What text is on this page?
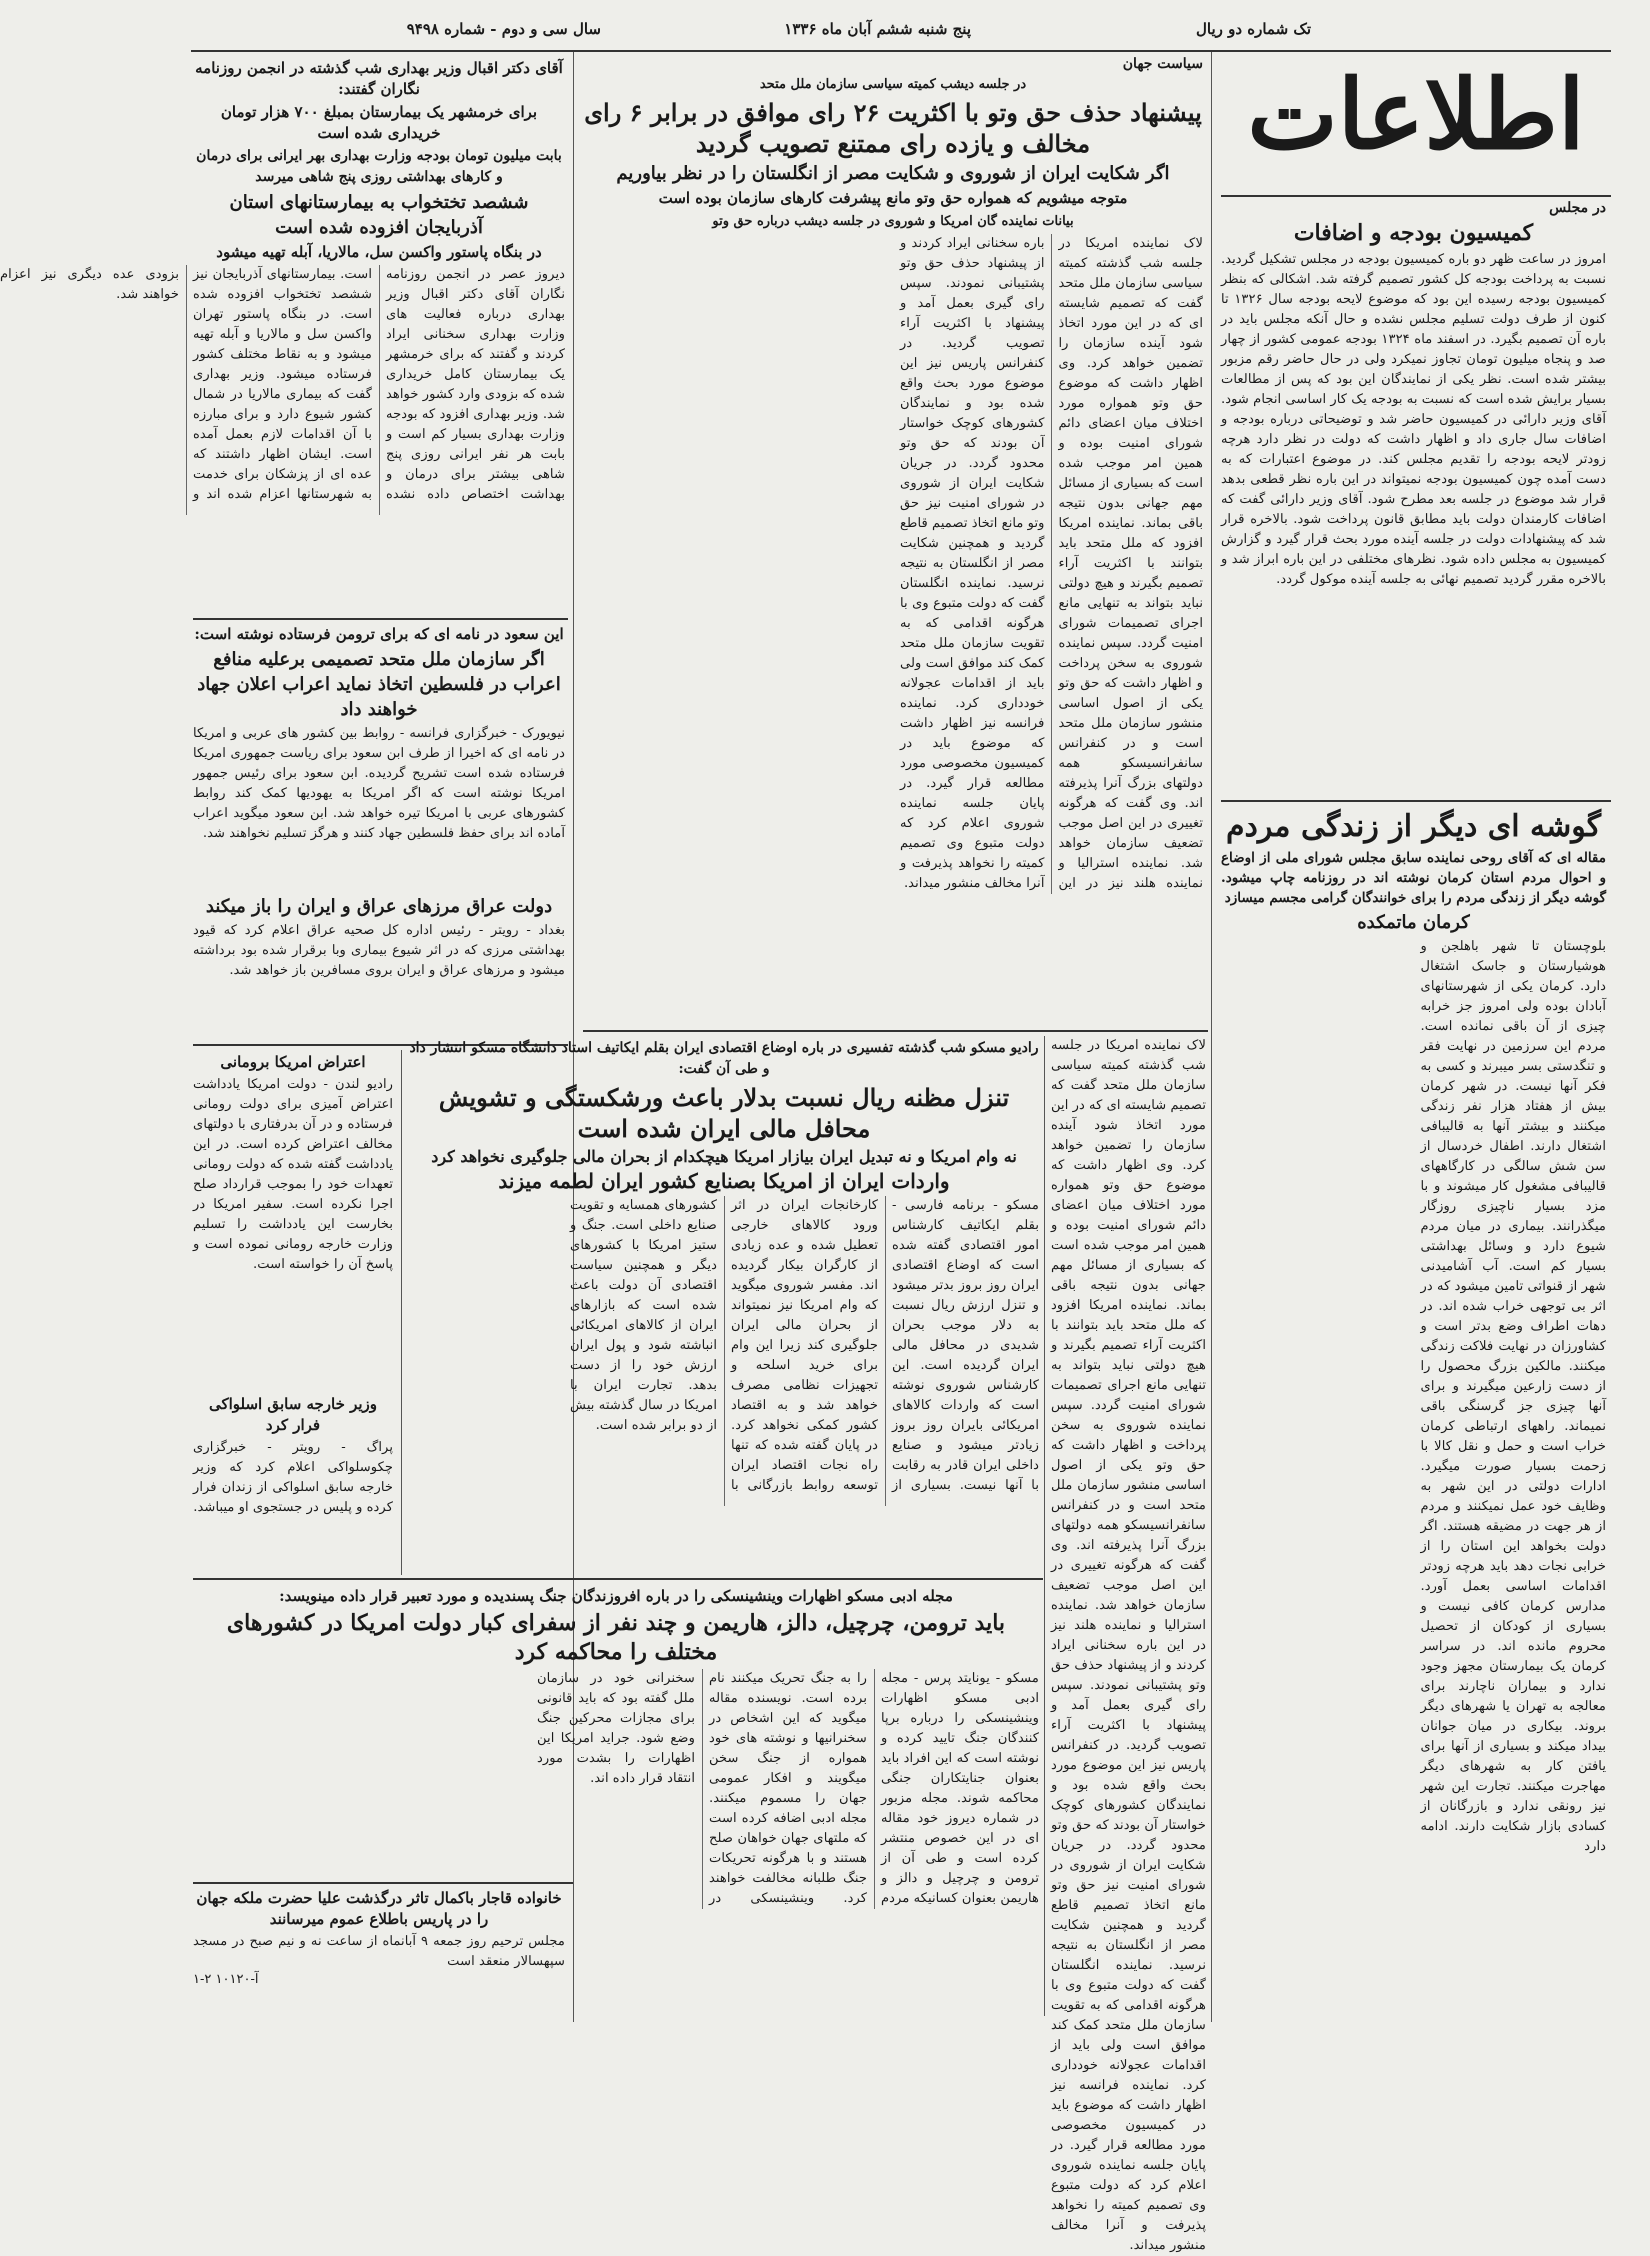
تک شماره دو ریال
پنج شنبه ششم آبان ماه ۱۳۳۶
سال سی و دوم - شماره ۹۴۹۸
اطلاعات

در مجلس

کمیسیون بودجه و اضافات

امروز در ساعت ظهر دو باره کمیسیون بودجه در مجلس تشکیل گردید. نسبت به پرداخت بودجه کل کشور تصمیم گرفته شد. اشکالی که بنظر کمیسیون بودجه رسیده این بود که موضوع لایحه بودجه سال ۱۳۲۶ تا کنون از طرف دولت تسلیم مجلس نشده و حال آنکه مجلس باید در باره آن تصمیم بگیرد. در اسفند ماه ۱۳۲۴ بودجه عمومی کشور از چهار صد و پنجاه میلیون تومان تجاوز نمیکرد ولی در حال حاضر رقم مزبور بیشتر شده است. نظر یکی از نمایندگان این بود که پس از مطالعات بسیار برایش شده است که نسبت به بودجه یک کار اساسی انجام شود. آقای وزیر دارائی در کمیسیون حاضر شد و توضیحاتی درباره بودجه و اضافات سال جاری داد و اظهار داشت که دولت در نظر دارد هرچه زودتر لایحه بودجه را تقدیم مجلس کند. در موضوع اعتبارات که به دست آمده چون کمیسیون بودجه نمیتواند در این باره نظر قطعی بدهد قرار شد موضوع در جلسه بعد مطرح شود. آقای وزیر دارائی گفت که اضافات کارمندان دولت باید مطابق قانون پرداخت شود. بالاخره قرار شد که پیشنهادات دولت در جلسه آینده مورد بحث قرار گیرد و گزارش کمیسیون به مجلس داده شود. نظرهای مختلفی در این باره ابراز شد و بالاخره مقرر گردید تصمیم نهائی به جلسه آینده موکول گردد.

گوشه ای دیگر از زندگی مردم

مقاله ای که آقای روحی نماینده سابق مجلس شورای ملی از اوضاع و احوال مردم استان کرمان نوشته اند در روزنامه چاپ میشود. گوشه دیگر از زندگی مردم را برای خوانندگان گرامی مجسم میسازد

کرمان ماتمکده

بلوچستان تا شهر باهلجن و هوشیارستان و جاسک اشتغال دارد. کرمان یکی از شهرستانهای آبادان بوده ولی امروز جز خرابه چیزی از آن باقی نمانده است. مردم این سرزمین در نهایت فقر و تنگدستی بسر میبرند و کسی به فکر آنها نیست. در شهر کرمان بیش از هفتاد هزار نفر زندگی میکنند و بیشتر آنها به قالیبافی اشتغال دارند. اطفال خردسال از سن شش سالگی در کارگاههای قالیبافی مشغول کار میشوند و با مزد بسیار ناچیزی روزگار میگذرانند. بیماری در میان مردم شیوع دارد و وسائل بهداشتی بسیار کم است. آب آشامیدنی شهر از قنواتی تامین میشود که در اثر بی توجهی خراب شده اند. در دهات اطراف وضع بدتر است و کشاورزان در نهایت فلاکت زندگی میکنند. مالکین بزرگ محصول را از دست زارعین میگیرند و برای آنها چیزی جز گرسنگی باقی نمیماند. راههای ارتباطی کرمان خراب است و حمل و نقل کالا با زحمت بسیار صورت میگیرد. ادارات دولتی در این شهر به وظایف خود عمل نمیکنند و مردم از هر جهت در مضیقه هستند. اگر دولت بخواهد این استان را از خرابی نجات دهد باید هرچه زودتر اقدامات اساسی بعمل آورد. مدارس کرمان کافی نیست و بسیاری از کودکان از تحصیل محروم مانده اند. در سراسر کرمان یک بیمارستان مجهز وجود ندارد و بیماران ناچارند برای معالجه به تهران یا شهرهای دیگر بروند. بیکاری در میان جوانان بیداد میکند و بسیاری از آنها برای یافتن کار به شهرهای دیگر مهاجرت میکنند. تجارت این شهر نیز رونقی ندارد و بازرگانان از کسادی بازار شکایت دارند. ادامه دارد

سیاست جهان

در جلسه دیشب کمیته سیاسی سازمان ملل متحد
پیشنهاد حذف حق وتو با اکثریت ۲۶ رای موافق در برابر ۶ رای مخالف و یازده رای ممتنع تصویب گردید
اگر شکایت ایران از شوروی و شکایت مصر از انگلستان را در نظر بیاوریم
متوجه میشویم که همواره حق وتو مانع پیشرفت کارهای سازمان بوده است
بیانات نماینده گان امریکا و شوروی در جلسه دیشب درباره حق وتو

لاک نماینده امریکا در جلسه شب گذشته کمیته سیاسی سازمان ملل متحد گفت که تصمیم شایسته ای که در این مورد اتخاذ شود آینده سازمان را تضمین خواهد کرد. وی اظهار داشت که موضوع حق وتو همواره مورد اختلاف میان اعضای دائم شورای امنیت بوده و همین امر موجب شده است که بسیاری از مسائل مهم جهانی بدون نتیجه باقی بماند. نماینده امریکا افزود که ملل متحد باید بتوانند با اکثریت آراء تصمیم بگیرند و هیچ دولتی نباید بتواند به تنهایی مانع اجرای تصمیمات شورای امنیت گردد. سپس نماینده شوروی به سخن پرداخت و اظهار داشت که حق وتو یکی از اصول اساسی منشور سازمان ملل متحد است و در کنفرانس سانفرانسیسکو همه دولتهای بزرگ آنرا پذیرفته اند. وی گفت که هرگونه تغییری در این اصل موجب تضعیف سازمان خواهد شد. نماینده استرالیا و نماینده هلند نیز در این باره سخنانی ایراد کردند و از پیشنهاد حذف حق وتو پشتیبانی نمودند. سپس رای گیری بعمل آمد و پیشنهاد با اکثریت آراء تصویب گردید. در کنفرانس پاریس نیز این موضوع مورد بحث واقع شده بود و نمایندگان کشورهای کوچک خواستار آن بودند که حق وتو محدود گردد. در جریان شکایت ایران از شوروی در شورای امنیت نیز حق وتو مانع اتخاذ تصمیم قاطع گردید و همچنین شکایت مصر از انگلستان به نتیجه نرسید. نماینده انگلستان گفت که دولت متبوع وی با هرگونه اقدامی که به تقویت سازمان ملل متحد کمک کند موافق است ولی باید از اقدامات عجولانه خودداری کرد. نماینده فرانسه نیز اظهار داشت که موضوع باید در کمیسیون مخصوصی مورد مطالعه قرار گیرد. در پایان جلسه نماینده شوروی اعلام کرد که دولت متبوع وی تصمیم کمیته را نخواهد پذیرفت و آنرا مخالف منشور میداند.

آقای دکتر اقبال وزیر بهداری شب گذشته در انجمن روزنامه نگاران گفتند:
برای خرمشهر یک بیمارستان بمبلغ ۷۰۰ هزار تومان خریداری شده است
بابت میلیون تومان بودجه وزارت بهداری بهر ایرانی برای درمان و کارهای بهداشتی روزی پنج شاهی میرسد
ششصد تختخواب به بیمارستانهای استان آذربایجان افزوده شده است
در بنگاه پاستور واکسن سل، مالاریا، آبله تهیه میشود

دیروز عصر در انجمن روزنامه نگاران آقای دکتر اقبال وزیر بهداری درباره فعالیت های وزارت بهداری سخنانی ایراد کردند و گفتند که برای خرمشهر یک بیمارستان کامل خریداری شده که بزودی وارد کشور خواهد شد. وزیر بهداری افزود که بودجه وزارت بهداری بسیار کم است و بابت هر نفر ایرانی روزی پنج شاهی بیشتر برای درمان و بهداشت اختصاص داده نشده است. بیمارستانهای آذربایجان نیز ششصد تختخواب افزوده شده است. در بنگاه پاستور تهران واکسن سل و مالاریا و آبله تهیه میشود و به نقاط مختلف کشور فرستاده میشود. وزیر بهداری گفت که بیماری مالاریا در شمال کشور شیوع دارد و برای مبارزه با آن اقدامات لازم بعمل آمده است. ایشان اظهار داشتند که عده ای از پزشکان برای خدمت به شهرستانها اعزام شده اند و بزودی عده دیگری نیز اعزام خواهند شد.

این سعود در نامه ای که برای ترومن فرستاده نوشته است:
اگر سازمان ملل متحد تصمیمی برعلیه منافع اعراب در فلسطین اتخاذ نماید اعراب اعلان جهاد خواهند داد

نیویورک - خبرگزاری فرانسه - روابط بین کشور های عربی و امریکا در نامه ای که اخیرا از طرف ابن سعود برای ریاست جمهوری امریکا فرستاده شده است تشریح گردیده. ابن سعود برای رئیس جمهور امریکا نوشته است که اگر امریکا به یهودیها کمک کند روابط کشورهای عربی با امریکا تیره خواهد شد. ابن سعود میگوید اعراب آماده اند برای حفظ فلسطین جهاد کنند و هرگز تسلیم نخواهند شد.

دولت عراق مرزهای عراق و ایران را باز میکند

بغداد - رویتر - رئیس اداره کل صحیه عراق اعلام کرد که قیود بهداشتی مرزی که در اثر شیوع بیماری وبا برقرار شده بود برداشته میشود و مرزهای عراق و ایران بروی مسافرین باز خواهد شد.

اعتراض امریکا برومانی

رادیو لندن - دولت امریکا یادداشت اعتراض آمیزی برای دولت رومانی فرستاده و در آن بدرفتاری با دولتهای مخالف اعتراض کرده است. در این یادداشت گفته شده که دولت رومانی تعهدات خود را بموجب قرارداد صلح اجرا نکرده است. سفیر امریکا در بخارست این یادداشت را تسلیم وزارت خارجه رومانی نموده است و پاسخ آن را خواسته است.

وزیر خارجه سابق اسلواکی فرار کرد

پراگ - رویتر - خبرگزاری چکوسلواکی اعلام کرد که وزیر خارجه سابق اسلواکی از زندان فرار کرده و پلیس در جستجوی او میباشد.

رادیو مسکو شب گذشته تفسیری در باره اوضاع اقتصادی ایران بقلم ایکاتیف استاد دانشگاه مسکو انتشار داد و طی آن گفت:
تنزل مظنه ریال نسبت بدلار باعث ورشکستگی و تشویش محافل مالی ایران شده است
نه وام امریکا و نه تبدیل ایران بیازار امریکا هیچکدام از بحران مالی جلوگیری نخواهد کرد
واردات ایران از امریکا بصنایع کشور ایران لطمه میزند

مسکو - برنامه فارسی - بقلم ایکاتیف کارشناس امور اقتصادی گفته شده است که اوضاع اقتصادی ایران روز بروز بدتر میشود و تنزل ارزش ریال نسبت به دلار موجب بحران شدیدی در محافل مالی ایران گردیده است. این کارشناس شوروی نوشته است که واردات کالاهای امریکائی بایران روز بروز زیادتر میشود و صنایع داخلی ایران قادر به رقابت با آنها نیست. بسیاری از کارخانجات ایران در اثر ورود کالاهای خارجی تعطیل شده و عده زیادی از کارگران بیکار گردیده اند. مفسر شوروی میگوید که وام امریکا نیز نمیتواند از بحران مالی ایران جلوگیری کند زیرا این وام برای خرید اسلحه و تجهیزات نظامی مصرف خواهد شد و به اقتصاد کشور کمکی نخواهد کرد. در پایان گفته شده که تنها راه نجات اقتصاد ایران توسعه روابط بازرگانی با کشورهای همسایه و تقویت صنایع داخلی است. جنگ و ستیز امریکا با کشورهای دیگر و همچنین سیاست اقتصادی آن دولت باعث شده است که بازارهای ایران از کالاهای امریکائی انباشته شود و پول ایران ارزش خود را از دست بدهد. تجارت ایران با امریکا در سال گذشته بیش از دو برابر شده است.

لاک نماینده امریکا در جلسه شب گذشته کمیته سیاسی سازمان ملل متحد گفت که تصمیم شایسته ای که در این مورد اتخاذ شود آینده سازمان را تضمین خواهد کرد. وی اظهار داشت که موضوع حق وتو همواره مورد اختلاف میان اعضای دائم شورای امنیت بوده و همین امر موجب شده است که بسیاری از مسائل مهم جهانی بدون نتیجه باقی بماند. نماینده امریکا افزود که ملل متحد باید بتوانند با اکثریت آراء تصمیم بگیرند و هیچ دولتی نباید بتواند به تنهایی مانع اجرای تصمیمات شورای امنیت گردد. سپس نماینده شوروی به سخن پرداخت و اظهار داشت که حق وتو یکی از اصول اساسی منشور سازمان ملل متحد است و در کنفرانس سانفرانسیسکو همه دولتهای بزرگ آنرا پذیرفته اند. وی گفت که هرگونه تغییری در این اصل موجب تضعیف سازمان خواهد شد. نماینده استرالیا و نماینده هلند نیز در این باره سخنانی ایراد کردند و از پیشنهاد حذف حق وتو پشتیبانی نمودند. سپس رای گیری بعمل آمد و پیشنهاد با اکثریت آراء تصویب گردید. در کنفرانس پاریس نیز این موضوع مورد بحث واقع شده بود و نمایندگان کشورهای کوچک خواستار آن بودند که حق وتو محدود گردد. در جریان شکایت ایران از شوروی در شورای امنیت نیز حق وتو مانع اتخاذ تصمیم قاطع گردید و همچنین شکایت مصر از انگلستان به نتیجه نرسید. نماینده انگلستان گفت که دولت متبوع وی با هرگونه اقدامی که به تقویت سازمان ملل متحد کمک کند موافق است ولی باید از اقدامات عجولانه خودداری کرد. نماینده فرانسه نیز اظهار داشت که موضوع باید در کمیسیون مخصوصی مورد مطالعه قرار گیرد. در پایان جلسه نماینده شوروی اعلام کرد که دولت متبوع وی تصمیم کمیته را نخواهد پذیرفت و آنرا مخالف منشور میداند.

مجله ادبی مسکو اظهارات وینشینسکی را در باره افروزندگان جنگ پسندیده و مورد تعبیر قرار داده مینویسد:
باید ترومن، چرچیل، دالز، هاریمن و چند نفر از سفرای کبار دولت امریکا در کشورهای مختلف را محاکمه کرد

مسکو - یونایتد پرس - مجله ادبی مسکو اظهارات وینشینسکی را درباره برپا کنندگان جنگ تایید کرده و نوشته است که این افراد باید بعنوان جنایتکاران جنگی محاکمه شوند. مجله مزبور در شماره دیروز خود مقاله ای در این خصوص منتشر کرده است و طی آن از ترومن و چرچیل و دالز و هاریمن بعنوان کسانیکه مردم را به جنگ تحریک میکنند نام برده است. نویسنده مقاله میگوید که این اشخاص در سخنرانیها و نوشته های خود همواره از جنگ سخن میگویند و افکار عمومی جهان را مسموم میکنند. مجله ادبی اضافه کرده است که ملتهای جهان خواهان صلح هستند و با هرگونه تحریکات جنگ طلبانه مخالفت خواهند کرد. وینشینسکی در سخنرانی خود در سازمان ملل گفته بود که باید قانونی برای مجازات محرکین جنگ وضع شود. جراید امریکا این اظهارات را بشدت مورد انتقاد قرار داده اند.

خانواده قاجار باکمال تاثر درگذشت علیا حضرت ملکه جهان را در پاریس باطلاع عموم میرسانند

مجلس ترحیم روز جمعه ۹ آبانماه از ساعت نه و نیم صبح در مسجد سپهسالار منعقد است

آ-۱۰۱۲۰ ۲-۱
